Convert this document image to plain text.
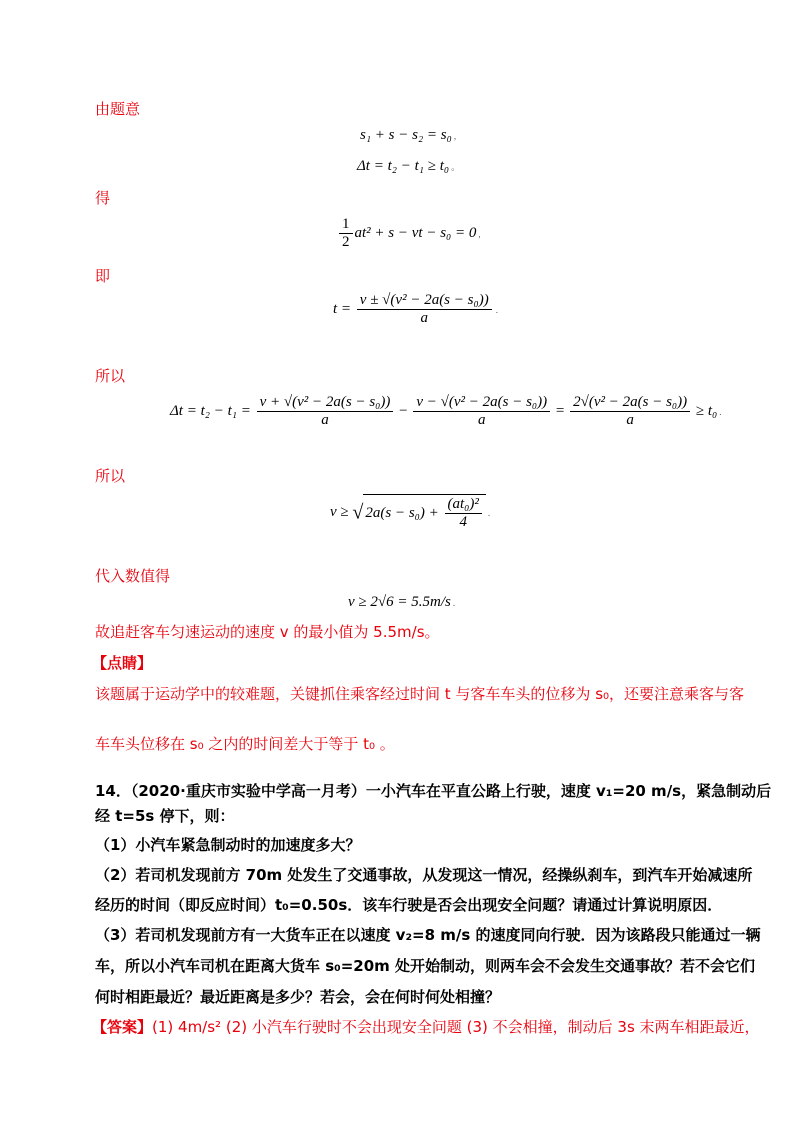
由题意
s₁ + s − s₂ = s₀ ,
Δt = t₂ − t₁ ≥ t₀ 。
得
$\frac{1}{2} at^2 + s$ − vt − s₀ = 0 ,
即
$t = \frac{\text{v ± √(v² − 2a(s − s₀))}}{a}$ .
所以
$\Delta t = t_2 - t_1 = \frac{\text{v + √(v² − 2a(s − s₀))}}{a} - \frac{\text{v − √(v² − 2a(s − s₀))}}{a} = \frac{\text{2√(v² − 2a(s − s₀))}}{a} \ge t_0$ .
所以
v ≥ √ $2a(s - s_0) + \frac{\text{(at₀)²}}{4}$ .
代入数值得
v ≥ 2√6 = 5.5m/s .
故追赶客车匀速运动的速度 v 的最小值为 5.5m/s。
【点睛】
该题属于运动学中的较难题，关键抓住乘客经过时间 t 与客车车头的位移为 s₀，还要注意乘客与客
车车头位移在 s₀ 之内的时间差大于等于 t₀ 。
14．（2020·重庆市实验中学高一月考）一小汽车在平直公路上行驶，速度 v₁=20 m/s，紧急制动后
经 t=5s 停下，则：
（1）小汽车紧急制动时的加速度多大？
（2）若司机发现前方 70m 处发生了交通事故，从发现这一情况，经操纵刹车，到汽车开始减速所
经历的时间（即反应时间）t₀=0.50s．该车行驶是否会出现安全问题？请通过计算说明原因．
（3）若司机发现前方有一大货车正在以速度 v₂=8 m/s 的速度同向行驶．因为该路段只能通过一辆
车，所以小汽车司机在距离大货车 s₀=20m 处开始制动，则两车会不会发生交通事故？若不会它们
何时相距最近？最近距离是多少？若会，会在何时何处相撞？
【答案】(1) 4m/s² (2) 小汽车行驶时不会出现安全问题 (3) 不会相撞，制动后 3s 末两车相距最近，
